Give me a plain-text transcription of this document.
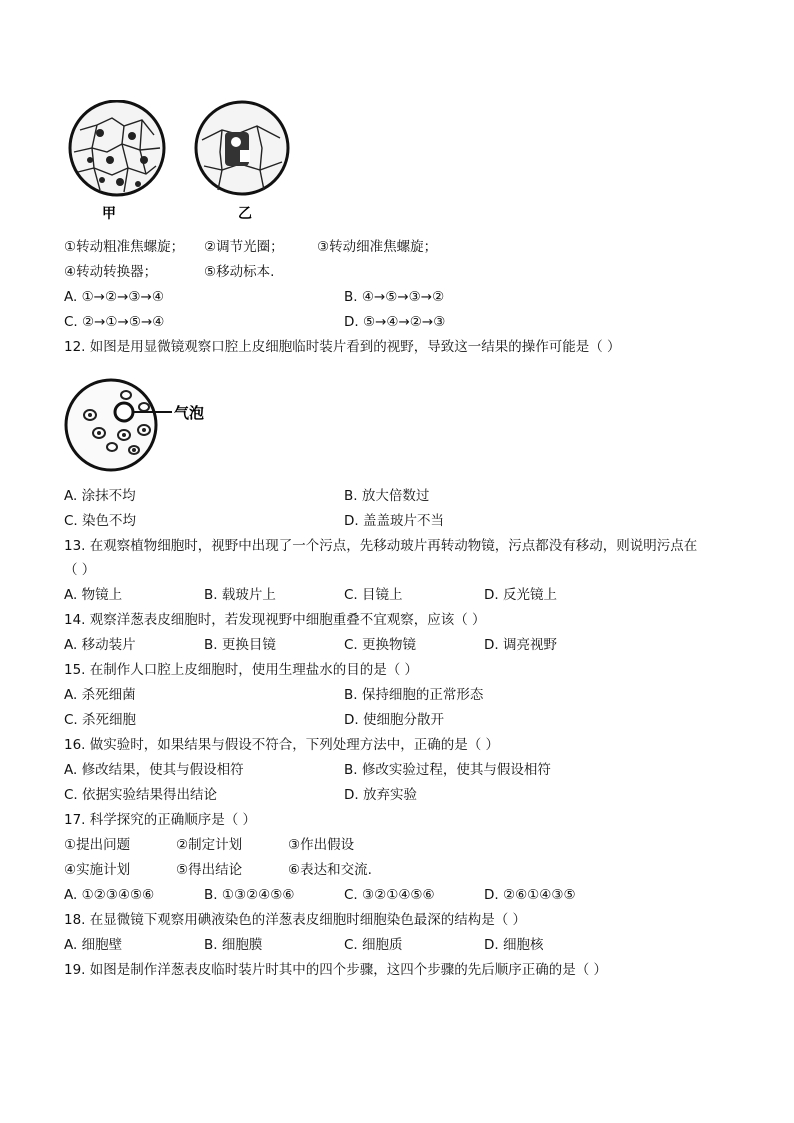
甲	乙
①转动粗准焦螺旋； ②调节光圈； ③转动细准焦螺旋；
④转动转换器；	⑤移动标本.
A. ①→②→③→④	B. ④→⑤→③→②
C. ②→①→⑤→④	D. ⑤→④→②→③
12. 如图是用显微镜观察口腔上皮细胞临时装片看到的视野，导致这一结果的操作可能是（ ）
气泡
A. 涂抹不均	B. 放大倍数过
C. 染色不均	D. 盖盖玻片不当
13. 在观察植物细胞时，视野中出现了一个污点，先移动玻片再转动物镜，污点都没有移动，则说明污点在
（ ）
A. 物镜上	B. 载玻片上	C. 目镜上	D. 反光镜上
14. 观察洋葱表皮细胞时，若发现视野中细胞重叠不宜观察，应该（ ）
A. 移动装片	B. 更换目镜	C. 更换物镜	D. 调亮视野
15. 在制作人口腔上皮细胞时，使用生理盐水的目的是（ ）
A. 杀死细菌	B. 保持细胞的正常形态
C. 杀死细胞	D. 使细胞分散开
16. 做实验时，如果结果与假设不符合，下列处理方法中，正确的是（ ）
A. 修改结果，使其与假设相符	B. 修改实验过程，使其与假设相符
C. 依据实验结果得出结论	D. 放弃实验
17. 科学探究的正确顺序是（ ）
①提出问题	②制定计划	③作出假设
④实施计划	⑤得出结论	⑥表达和交流.
A. ①②③④⑤⑥	B. ①③②④⑤⑥	C. ③②①④⑤⑥	D. ②⑥①④③⑤
18. 在显微镜下观察用碘液染色的洋葱表皮细胞时细胞染色最深的结构是（ ）
A. 细胞壁	B. 细胞膜	C. 细胞质	D. 细胞核
19. 如图是制作洋葱表皮临时装片时其中的四个步骤，这四个步骤的先后顺序正确的是（ ）
